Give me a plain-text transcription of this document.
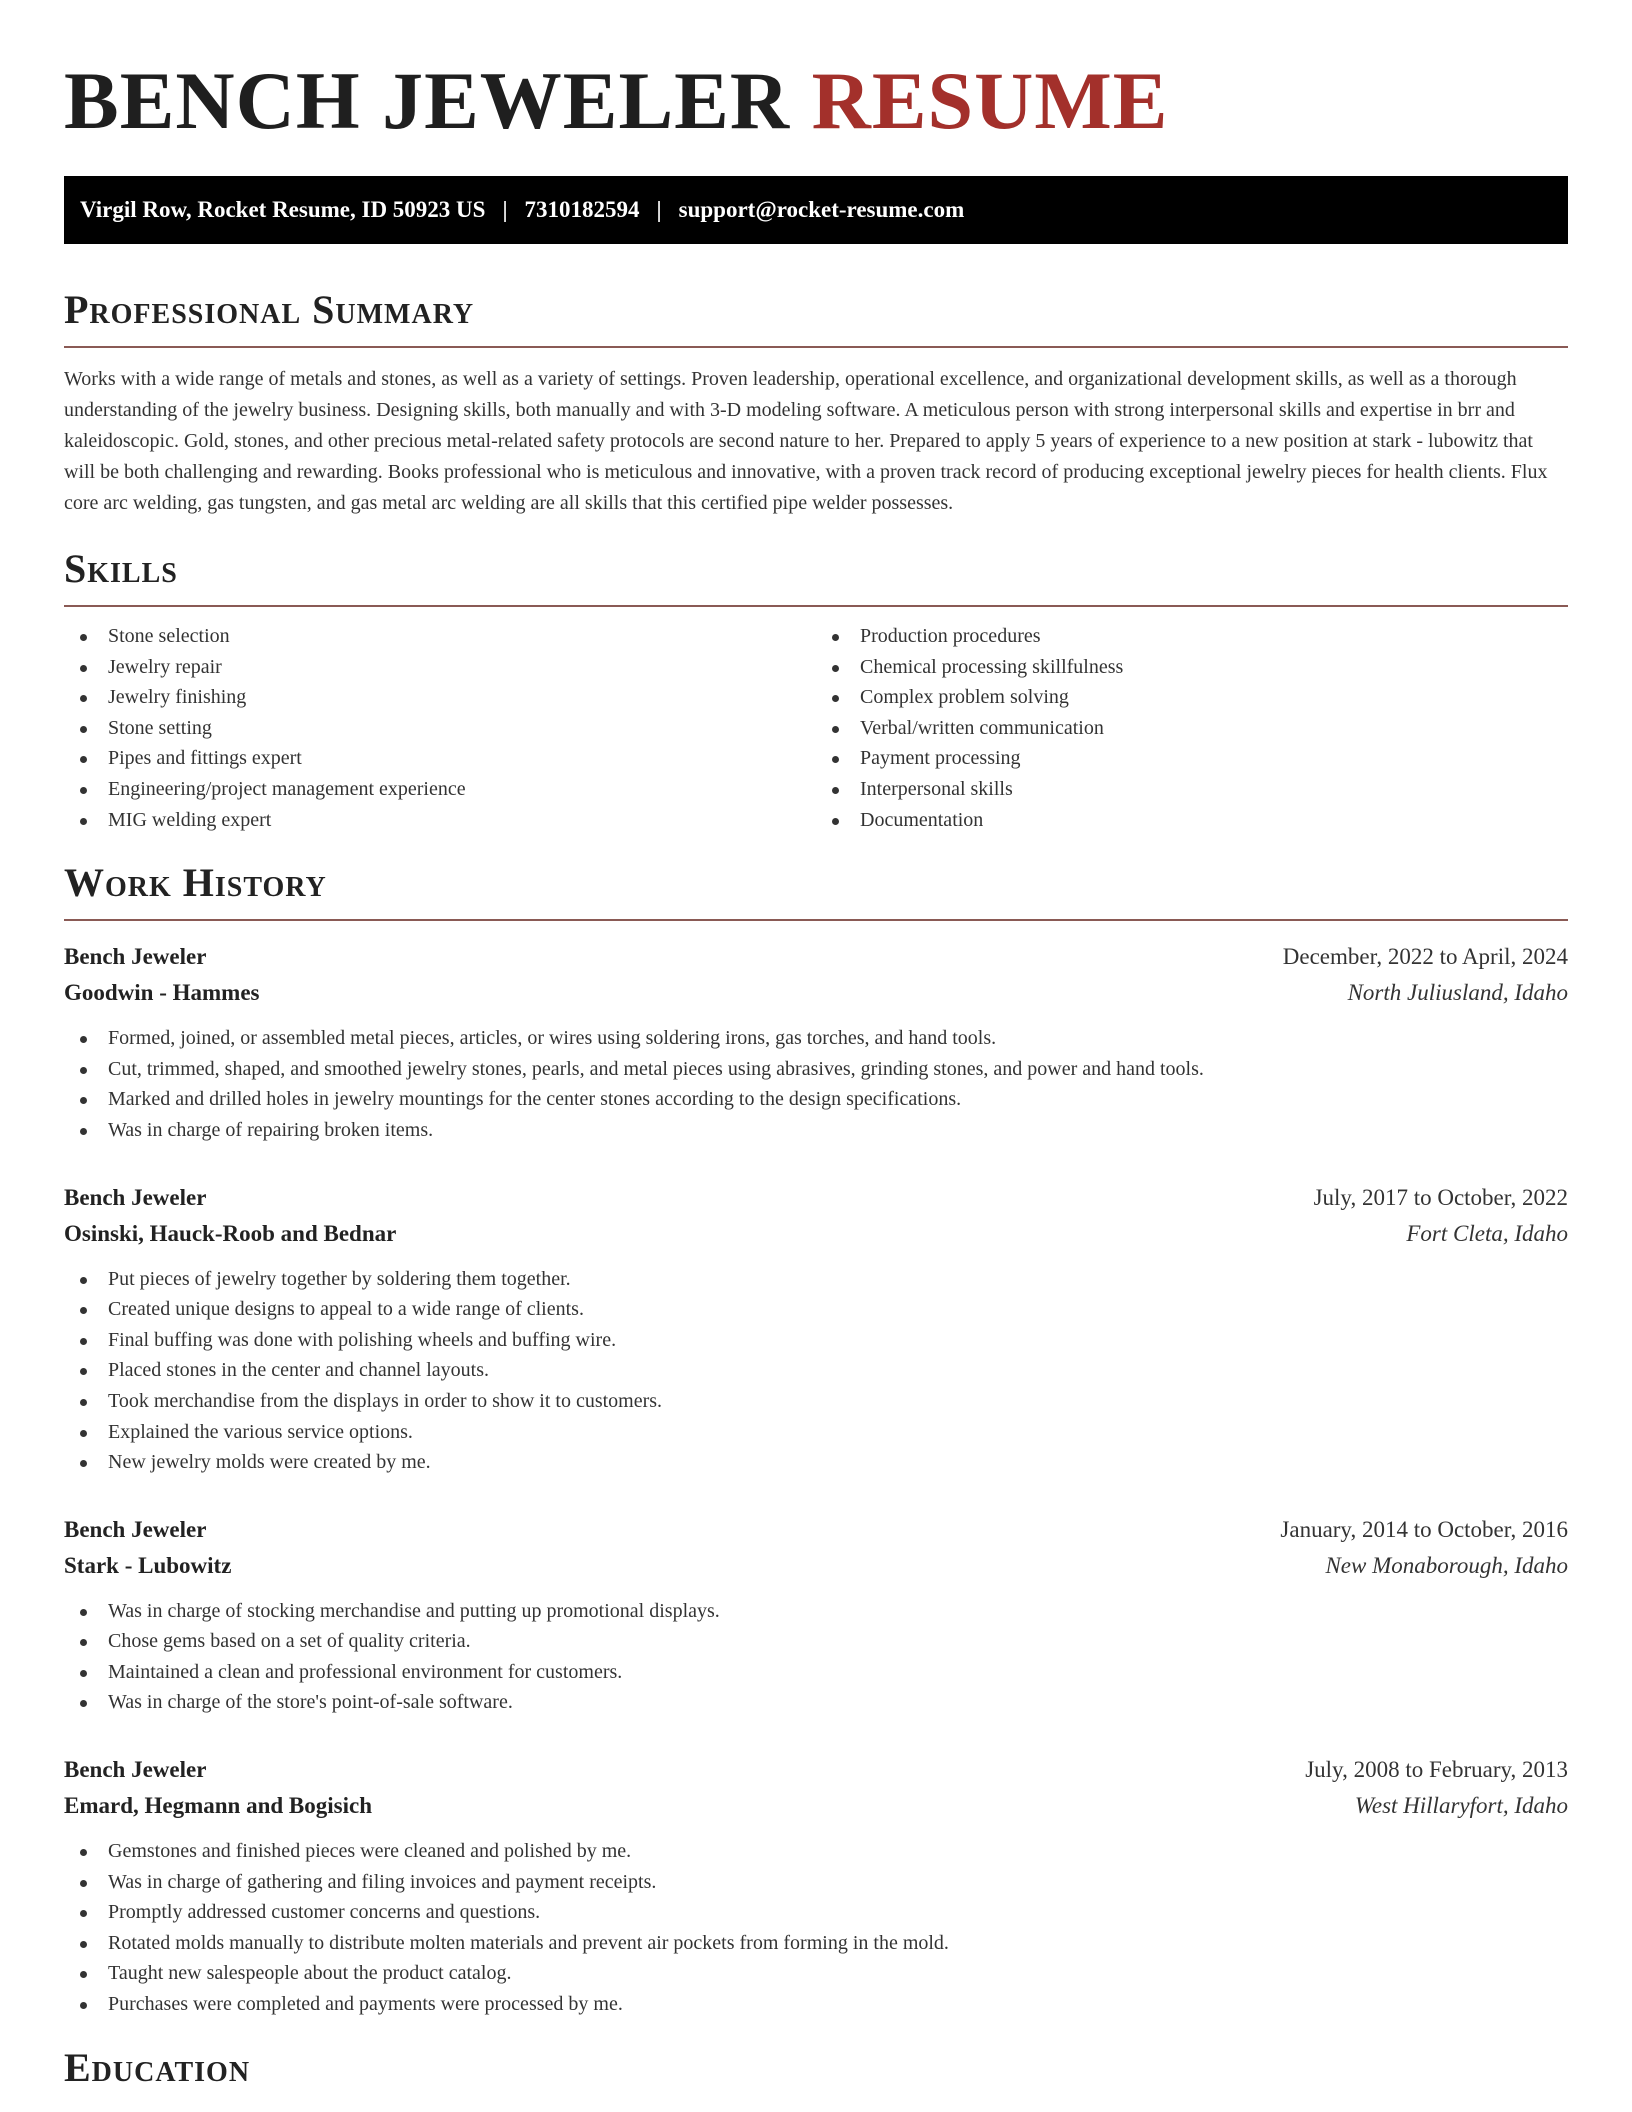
BENCH JEWELER RESUME
Virgil Row, Rocket Resume, ID 50923 US | 7310182594 | support@rocket-resume.com
Professional Summary

Works with a wide range of metals and stones, as well as a variety of settings. Proven leadership, operational excellence, and organizational development skills, as well as a thorough understanding of the jewelry business. Designing skills, both manually and with 3-D modeling software. A meticulous person with strong interpersonal skills and expertise in brr and kaleidoscopic. Gold, stones, and other precious metal-related safety protocols are second nature to her. Prepared to apply 5 years of experience to a new position at stark - lubowitz that will be both challenging and rewarding. Books professional who is meticulous and innovative, with a proven track record of producing exceptional jewelry pieces for health clients. Flux core arc welding, gas tungsten, and gas metal arc welding are all skills that this certified pipe welder possesses.

Skills
Stone selection
Jewelry repair
Jewelry finishing
Stone setting
Pipes and fittings expert
Engineering/project management experience
MIG welding expert
Production procedures
Chemical processing skillfulness
Complex problem solving
Verbal/written communication
Payment processing
Interpersonal skills
Documentation
Work History
Bench Jeweler	December, 2022 to April, 2024
Goodwin - Hammes	North Juliusland, Idaho
Formed, joined, or assembled metal pieces, articles, or wires using soldering irons, gas torches, and hand tools.
Cut, trimmed, shaped, and smoothed jewelry stones, pearls, and metal pieces using abrasives, grinding stones, and power and hand tools.
Marked and drilled holes in jewelry mountings for the center stones according to the design specifications.
Was in charge of repairing broken items.
Bench Jeweler	July, 2017 to October, 2022
Osinski, Hauck-Roob and Bednar	Fort Cleta, Idaho
Put pieces of jewelry together by soldering them together.
Created unique designs to appeal to a wide range of clients.
Final buffing was done with polishing wheels and buffing wire.
Placed stones in the center and channel layouts.
Took merchandise from the displays in order to show it to customers.
Explained the various service options.
New jewelry molds were created by me.
Bench Jeweler	January, 2014 to October, 2016
Stark - Lubowitz	New Monaborough, Idaho
Was in charge of stocking merchandise and putting up promotional displays.
Chose gems based on a set of quality criteria.
Maintained a clean and professional environment for customers.
Was in charge of the store's point-of-sale software.
Bench Jeweler	July, 2008 to February, 2013
Emard, Hegmann and Bogisich	West Hillaryfort, Idaho
Gemstones and finished pieces were cleaned and polished by me.
Was in charge of gathering and filing invoices and payment receipts.
Promptly addressed customer concerns and questions.
Rotated molds manually to distribute molten materials and prevent air pockets from forming in the mold.
Taught new salespeople about the product catalog.
Purchases were completed and payments were processed by me.
Education
